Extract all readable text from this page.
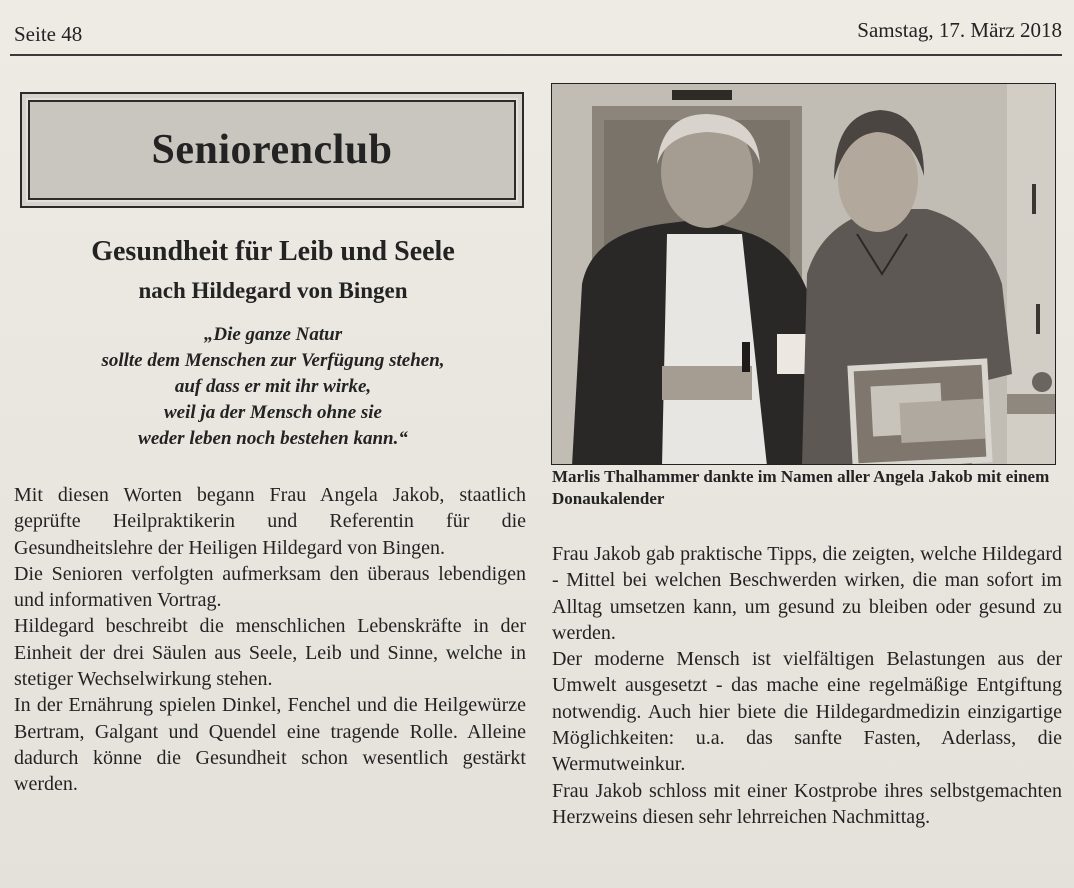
Seite 48	Samstag, 17. März 2018
Seniorenclub
Gesundheit für Leib und Seele
nach Hildegard von Bingen
„Die ganze Natur
sollte dem Menschen zur Verfügung stehen,
auf dass er mit ihr wirke,
weil ja der Mensch ohne sie
weder leben noch bestehen kann.“

Mit diesen Worten begann Frau Angela Jakob, staatlich geprüfte Heilpraktikerin und Referentin für die Gesundheitslehre der Heiligen Hildegard von Bingen.

Die Senioren verfolgten aufmerksam den überaus lebendigen und informativen Vortrag.

Hildegard beschreibt die menschlichen Lebenskräfte in der Einheit der drei Säulen aus Seele, Leib und Sinne, welche in stetiger Wechselwirkung stehen.

In der Ernährung spielen Dinkel, Fenchel und die Heilgewürze Bertram, Galgant und Quendel eine tragende Rolle. Alleine dadurch könne die Gesundheit schon wesentlich gestärkt werden.

Marlis Thalhammer dankte im Namen aller Angela Jakob mit einem Donaukalender

Frau Jakob gab praktische Tipps, die zeigten, welche Hildegard - Mittel bei welchen Beschwerden wirken, die man sofort im Alltag umsetzen kann, um gesund zu bleiben oder gesund zu werden.

Der moderne Mensch ist vielfältigen Belastungen aus der Umwelt ausgesetzt - das mache eine regelmäßige Entgiftung notwendig. Auch hier biete die Hildegardmedizin einzigartige Möglichkeiten: u.a. das sanfte Fasten, Aderlass, die Wermutweinkur.

Frau Jakob schloss mit einer Kostprobe ihres selbstgemachten Herzweins diesen sehr lehrreichen Nachmittag.
